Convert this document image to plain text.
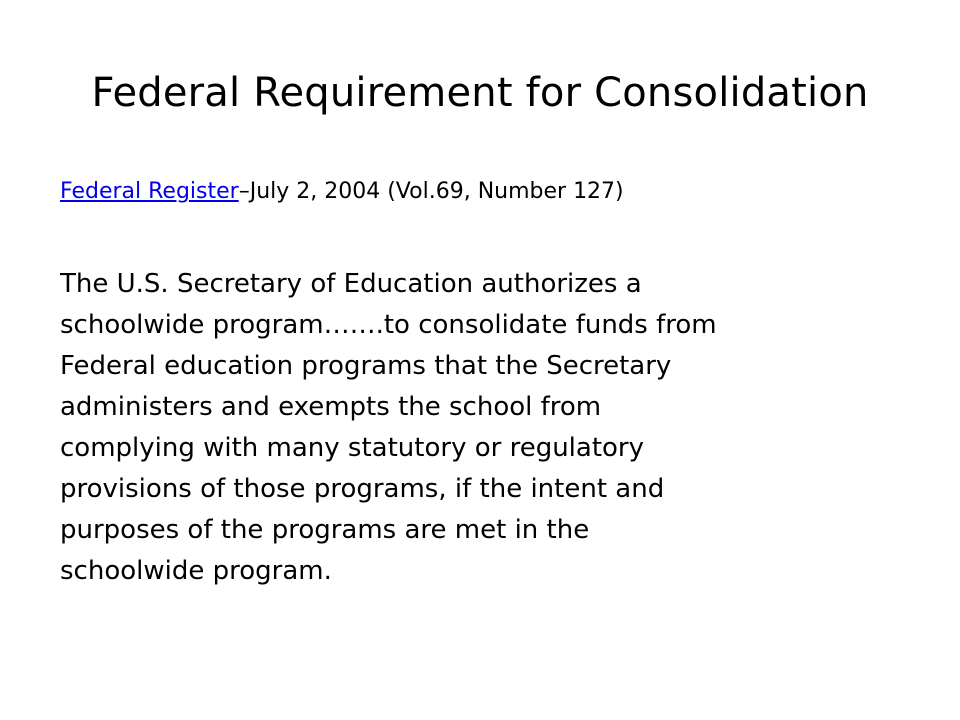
Federal Requirement for Consolidation

Federal Register–July 2, 2004 (Vol.69, Number 127)

The U.S. Secretary of Education authorizes a
schoolwide program…….to consolidate funds from
Federal education programs that the Secretary
administers and exempts the school from
complying with many statutory or regulatory
provisions of those programs, if the intent and
purposes of the programs are met in the
schoolwide program.
